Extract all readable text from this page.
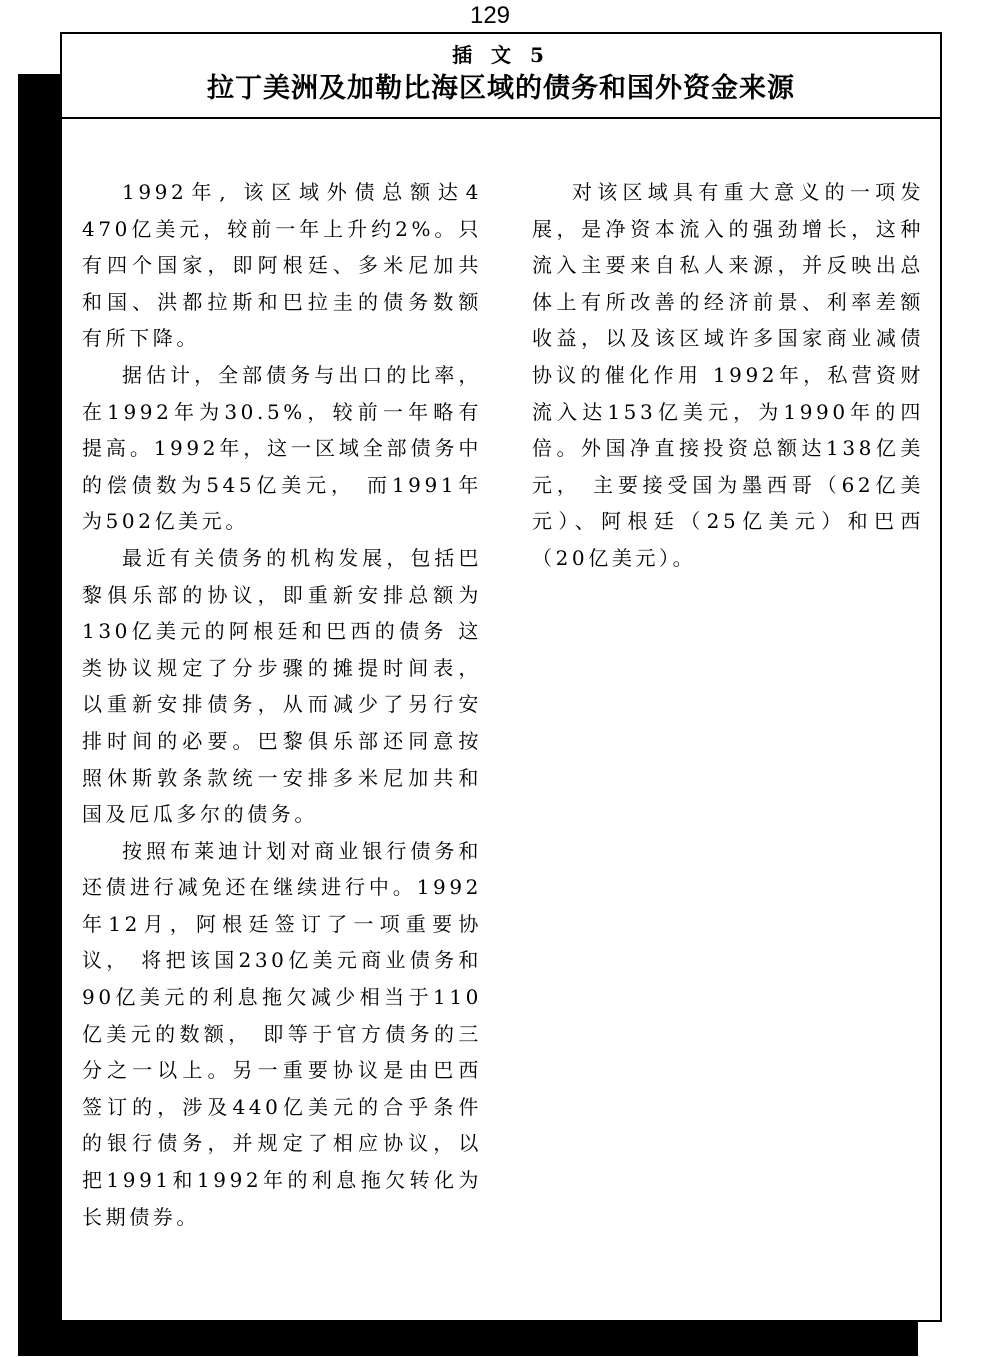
129
插 文 5
拉丁美洲及加勒比海区域的债务和国外资金来源

1992年, 该区域外债总额达4 470亿美元，较前一年上升约2%。只有四个国家，即阿根廷、多米尼加共和国、洪都拉斯和巴拉圭的债务数额有所下降。

据估计，全部债务与出口的比率，在1992年为30.5%，较前一年略有提高。1992年，这一区域全部债务中的偿债数为545亿美元， 而1991年为502亿美元。

最近有关债务的机构发展，包括巴黎俱乐部的协议，即重新安排总额为130亿美元的阿根廷和巴西的债务 这类协议规定了分步骤的摊提时间表，以重新安排债务，从而减少了另行安排时间的必要。巴黎俱乐部还同意按照休斯敦条款统一安排多米尼加共和国及厄瓜多尔的债务。

按照布莱迪计划对商业银行债务和还债进行减免还在继续进行中。1992年12月，阿根廷签订了一项重要协议， 将把该国230亿美元商业债务和90亿美元的利息拖欠减少相当于110亿美元的数额， 即等于官方债务的三分之一以上。另一重要协议是由巴西签订的，涉及440亿美元的合乎条件的银行债务，并规定了相应协议，以把1991和1992年的利息拖欠转化为长期债券。

对该区域具有重大意义的一项发展，是净资本流入的强劲增长，这种流入主要来自私人来源，并反映出总体上有所改善的经济前景、利率差额收益，以及该区域许多国家商业减债协议的催化作用 1992年，私营资财流入达153亿美元，为1990年的四倍。外国净直接投资总额达138亿美元， 主要接受国为墨西哥（62亿美元）、阿根廷（25亿美元）和巴西（20亿美元）。
